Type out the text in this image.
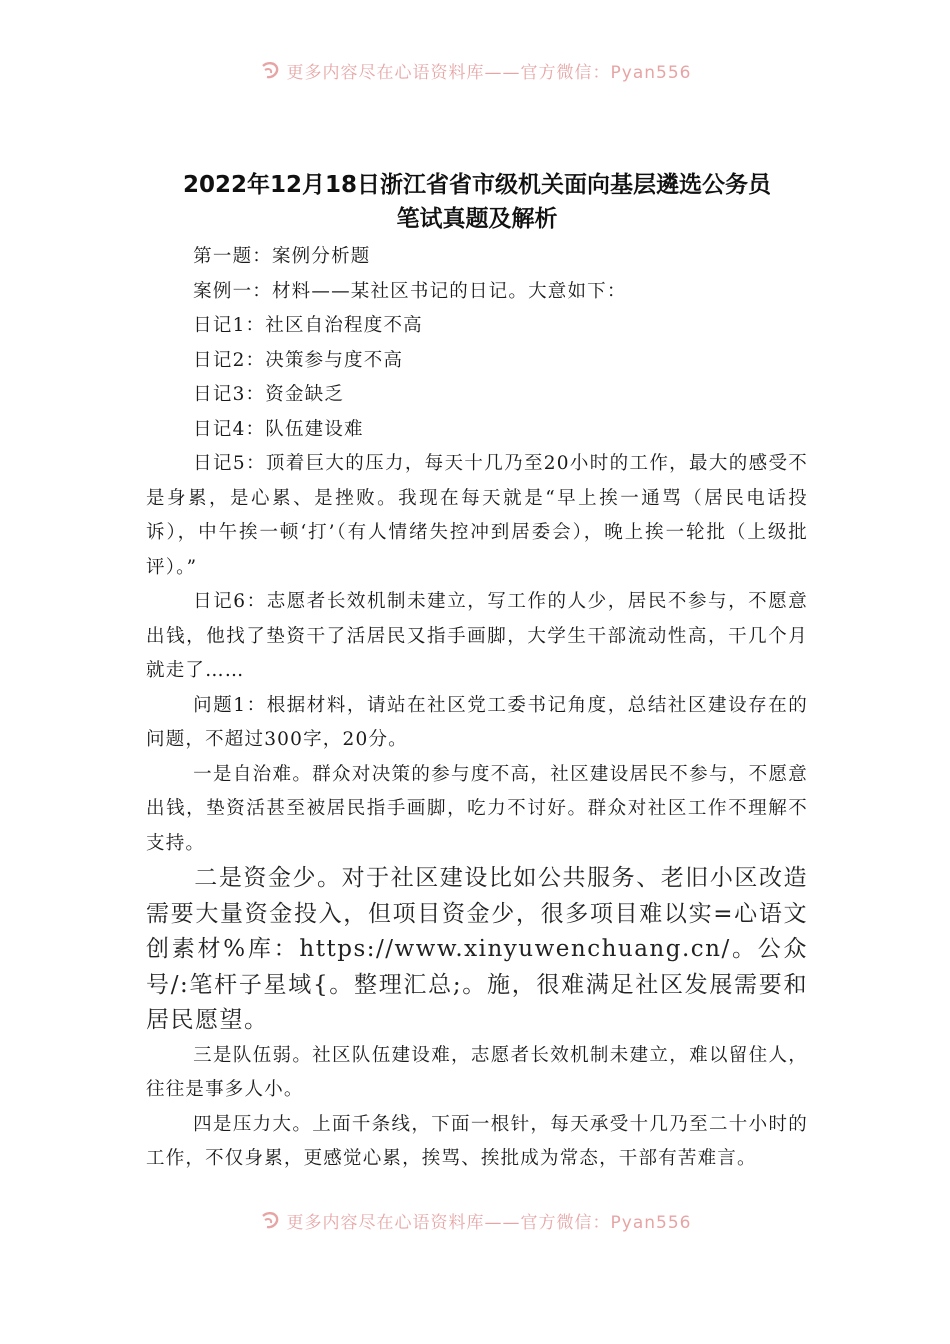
更多内容尽在心语资料库——官方微信：Pyan556
2022年12月18日浙江省省市级机关面向基层遴选公务员
笔试真题及解析

第一题：案例分析题

案例一：材料——某社区书记的日记。大意如下：

日记1：社区自治程度不高

日记2：决策参与度不高

日记3：资金缺乏

日记4：队伍建设难

日记5：顶着巨大的压力，每天十几乃至20小时的工作，最大的感受不是身累，是心累、是挫败。我现在每天就是“早上挨一通骂（居民电话投诉），中午挨一顿‘打’（有人情绪失控冲到居委会），晚上挨一轮批（上级批评）。”

日记6：志愿者长效机制未建立，写工作的人少，居民不参与，不愿意出钱，他找了垫资干了活居民又指手画脚，大学生干部流动性高，干几个月就走了……

问题1：根据材料，请站在社区党工委书记角度，总结社区建设存在的问题，不超过300字，20分。

一是自治难。群众对决策的参与度不高，社区建设居民不参与，不愿意出钱，垫资活甚至被居民指手画脚，吃力不讨好。群众对社区工作不理解不支持。

二是资金少。对于社区建设比如公共服务、老旧小区改造需要大量资金投入，但项目资金少，很多项目难以实=心语文创素材%库：https://www.xinyuwenchuang.cn/。公众号/:笔杆子星域{。整理汇总;。施，很难满足社区发展需要和居民愿望。

三是队伍弱。社区队伍建设难，志愿者长效机制未建立，难以留住人，往往是事多人小。

四是压力大。上面千条线，下面一根针，每天承受十几乃至二十小时的工作，不仅身累，更感觉心累，挨骂、挨批成为常态，干部有苦难言。

更多内容尽在心语资料库——官方微信：Pyan556
